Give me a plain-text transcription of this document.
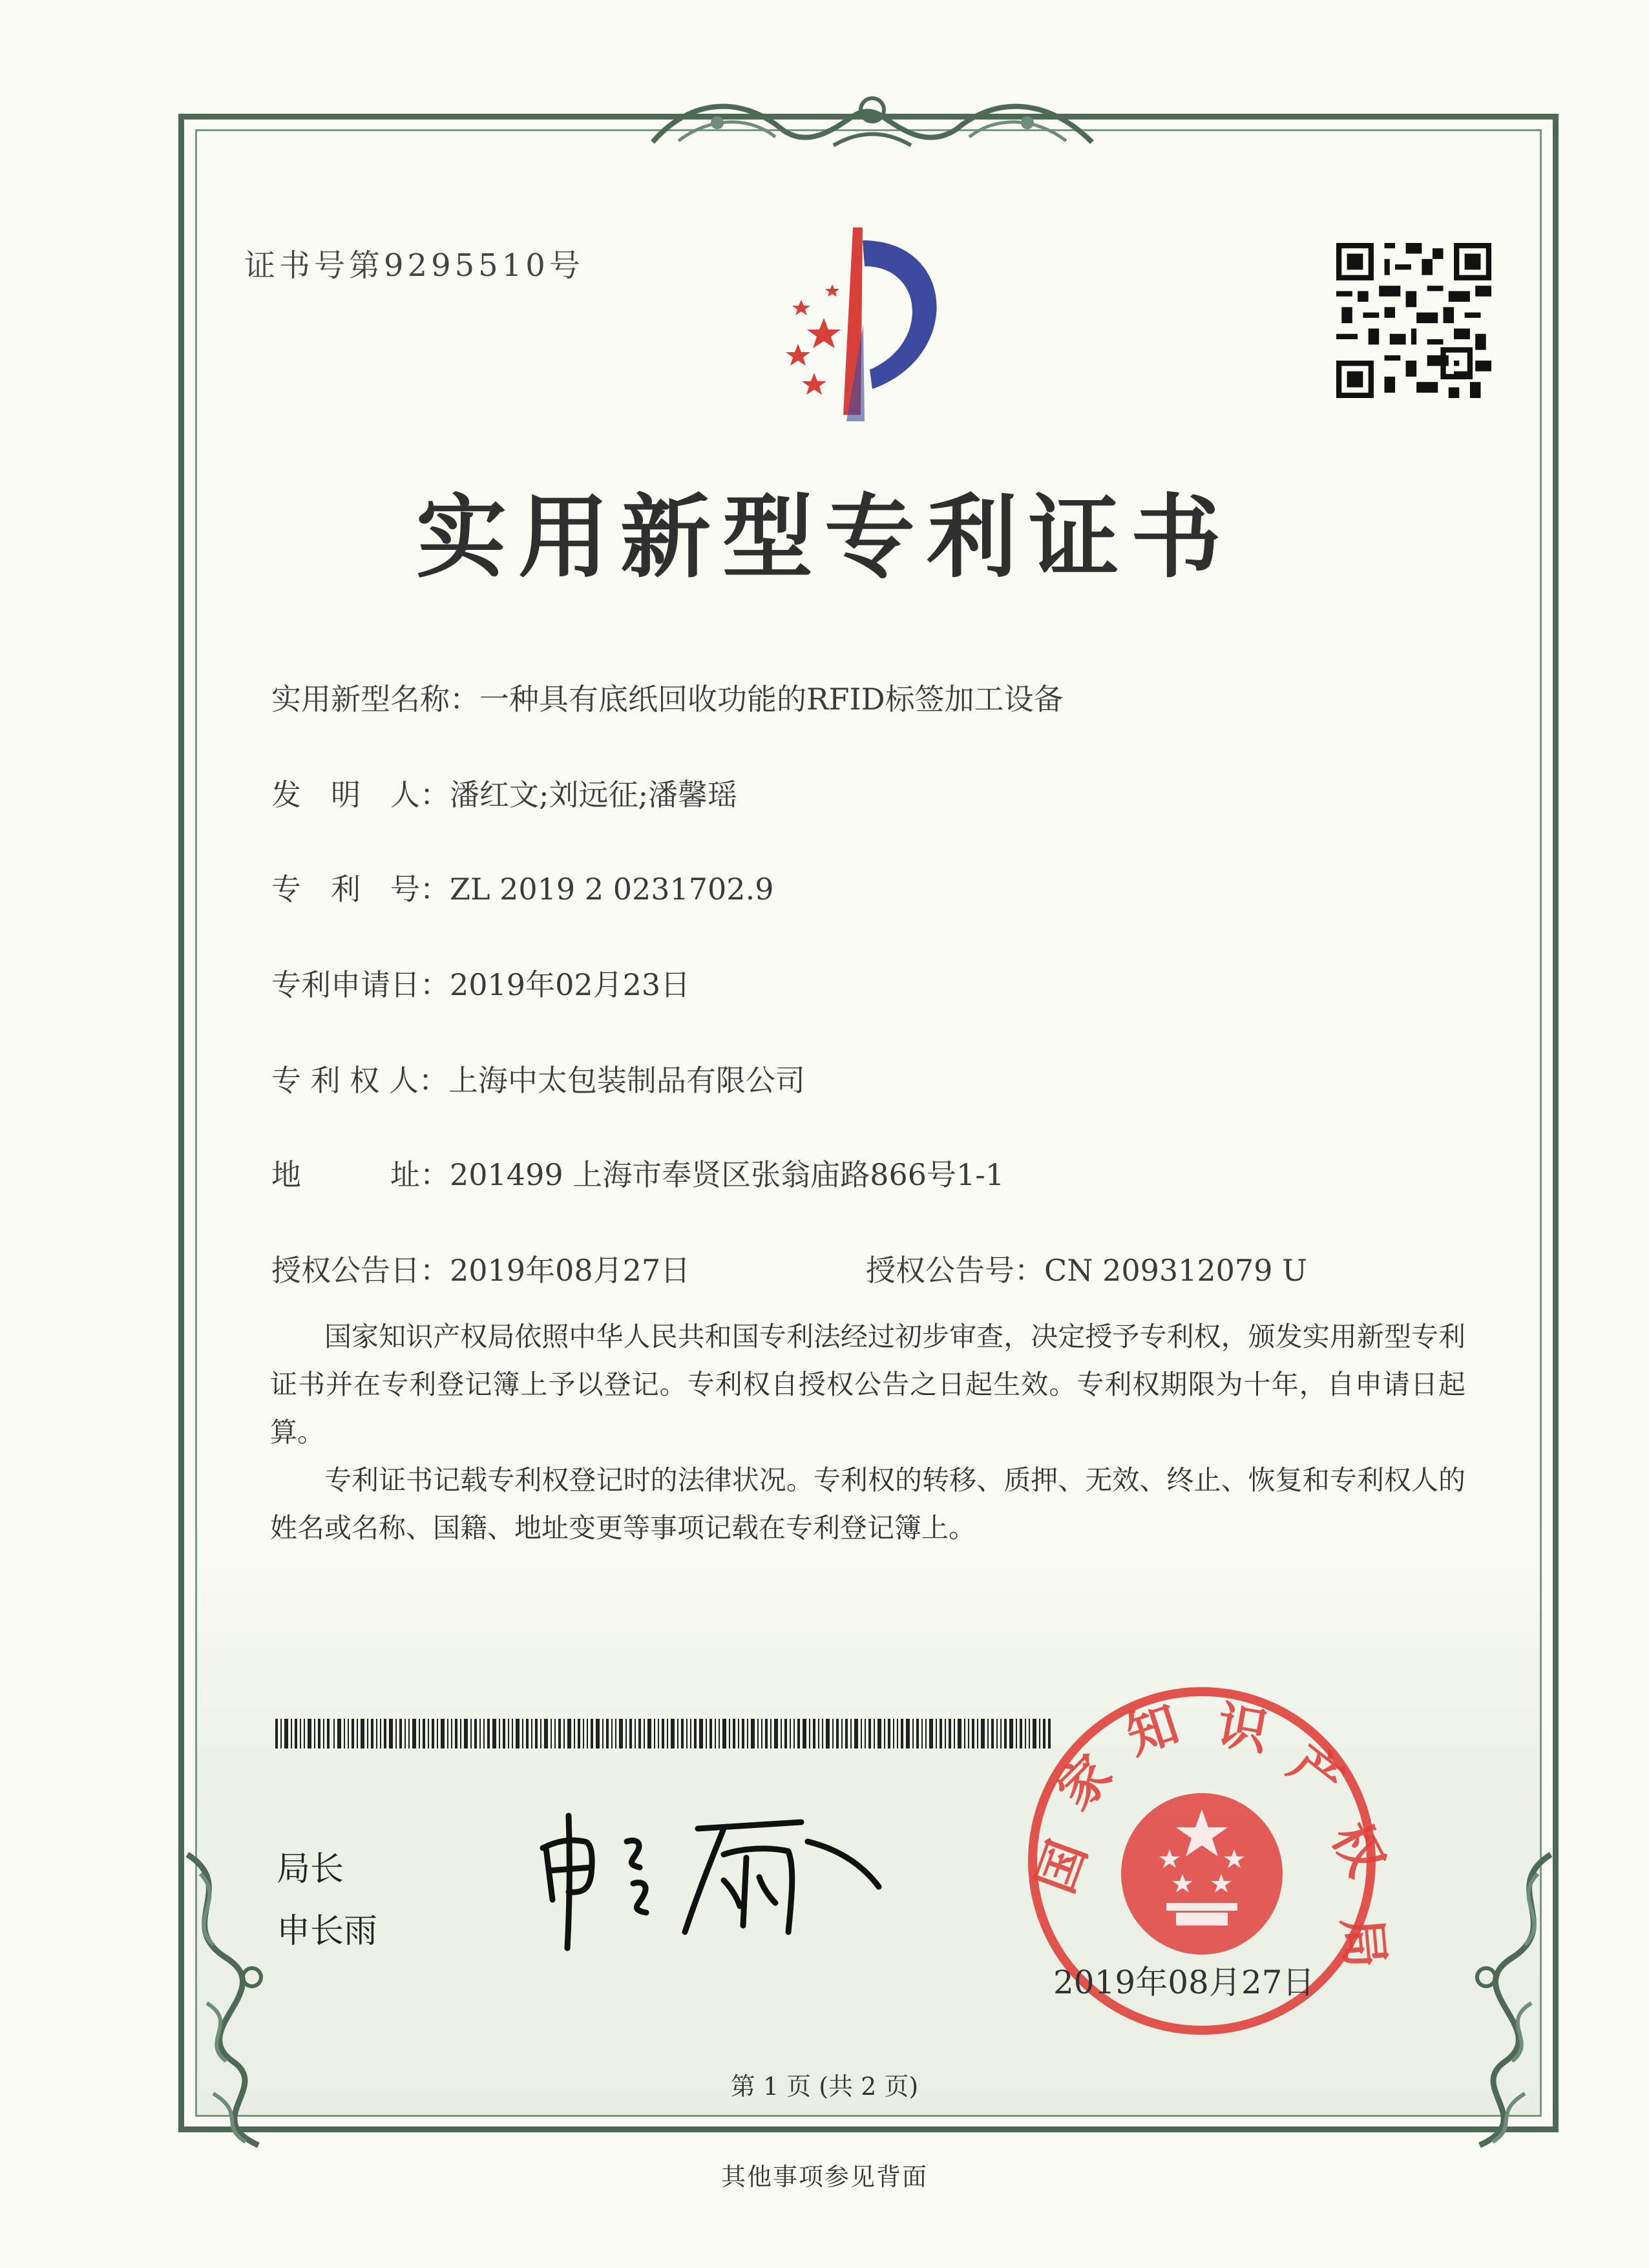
证书号第9295510号
实用新型专利证书
实用新型名称：一种具有底纸回收功能的RFID标签加工设备
发　明　人：潘红文;刘远征;潘馨瑶
专　利　号：ZL 2019 2 0231702.9
专利申请日：2019年02月23日
专 利 权 人：上海中太包装制品有限公司
地　　　址：201499 上海市奉贤区张翁庙路866号1-1
授权公告日：2019年08月27日	授权公告号：CN 209312079 U
国家知识产权局依照中华人民共和国专利法经过初步审查，决定授予专利权，颁发实用新型专利证书并在专利登记簿上予以登记。专利权自授权公告之日起生效。专利权期限为十年，自申请日起算。
专利证书记载专利权登记时的法律状况。专利权的转移、质押、无效、终止、恢复和专利权人的姓名或名称、国籍、地址变更等事项记载在专利登记簿上。
局长
申长雨
国
家
知 识
产
权
局
2019年08月27日
第 1 页 (共 2 页)
其他事项参见背面
